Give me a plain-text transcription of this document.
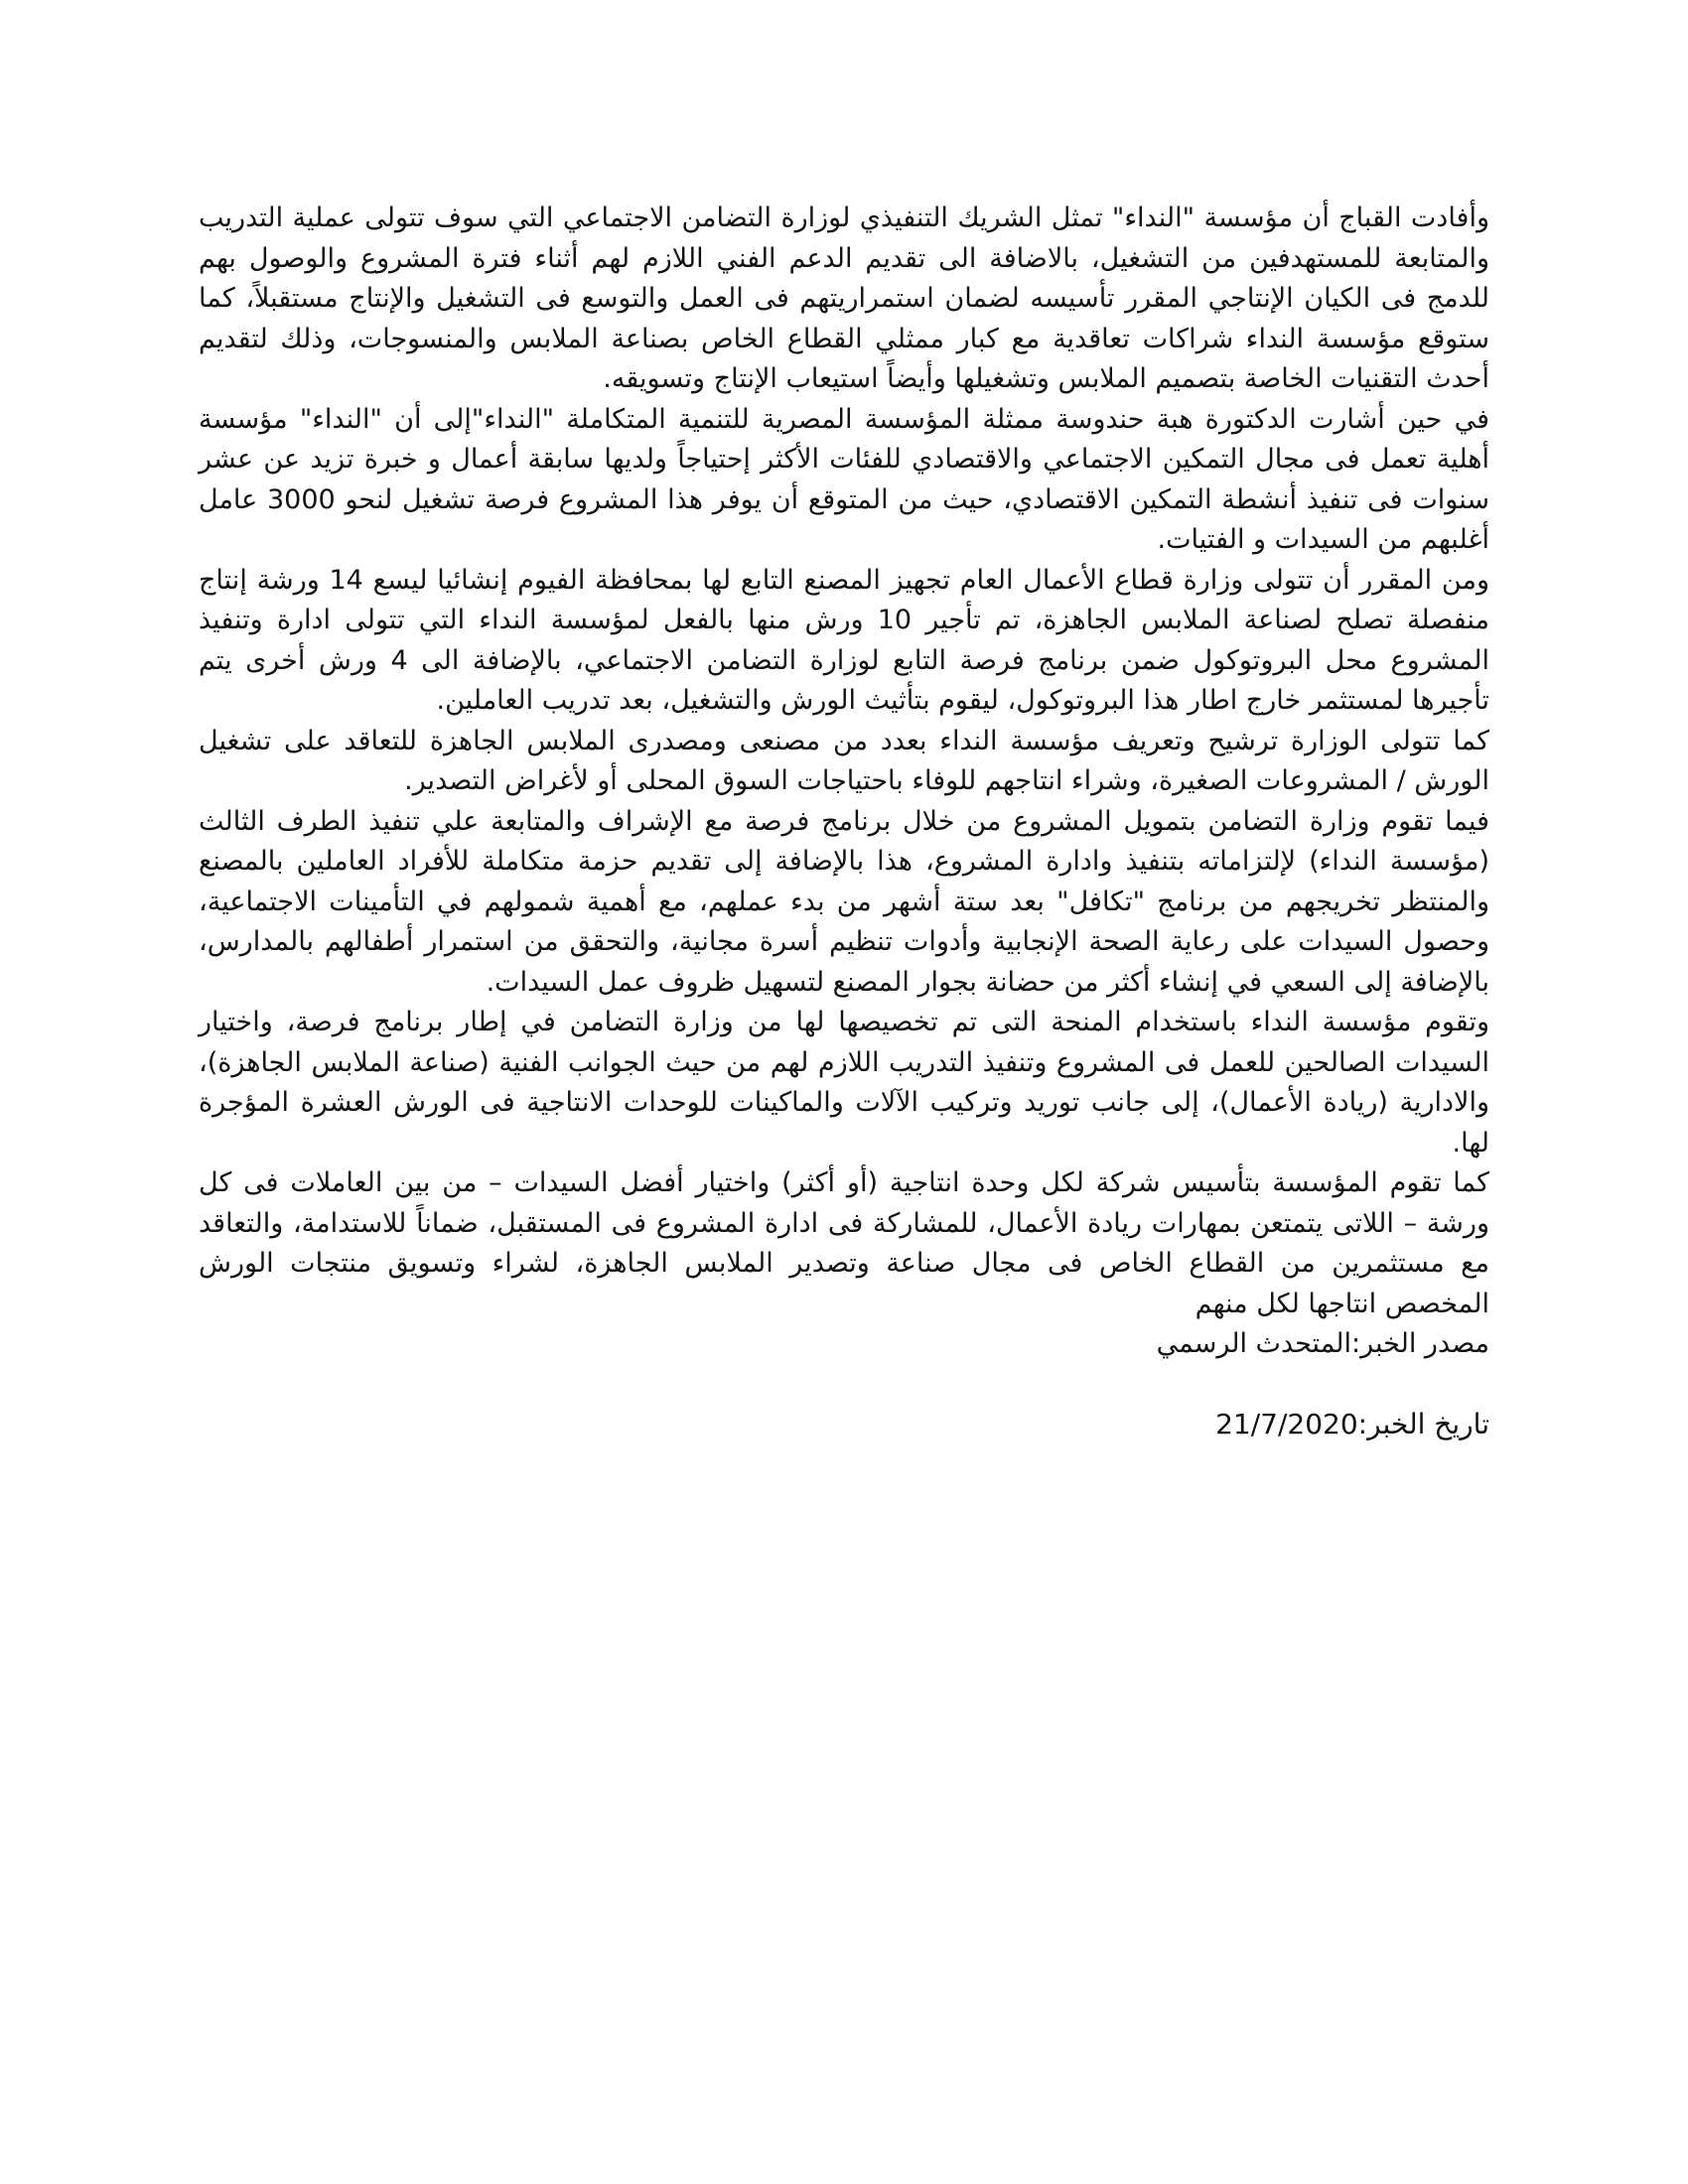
وأفادت القباج أن مؤسسة "النداء" تمثل الشريك التنفيذي لوزارة التضامن الاجتماعي التي سوف تتولى عملية التدريب والمتابعة للمستهدفين من التشغيل، بالاضافة الى تقديم الدعم الفني اللازم لهم أثناء فترة المشروع والوصول بهم للدمج فى الكيان الإنتاجي المقرر تأسيسه لضمان استمراريتهم فى العمل والتوسع فى التشغيل والإنتاج مستقبلاً، كما ستوقع مؤسسة النداء شراكات تعاقدية مع كبار ممثلي القطاع الخاص بصناعة الملابس والمنسوجات، وذلك لتقديم أحدث التقنيات الخاصة بتصميم الملابس وتشغيلها وأيضاً استيعاب الإنتاج وتسويقه.

في حين أشارت الدكتورة هبة حندوسة ممثلة المؤسسة المصرية للتنمية المتكاملة "النداء"إلى أن "النداء" مؤسسة أهلية تعمل فى مجال التمكين الاجتماعي والاقتصادي للفئات الأكثر إحتياجاً ولديها سابقة أعمال و خبرة تزيد عن عشر سنوات فى تنفيذ أنشطة التمكين الاقتصادي، حيث من المتوقع أن يوفر هذا المشروع فرصة تشغيل لنحو 3000 عامل أغلبهم من السيدات و الفتيات.

ومن المقرر أن تتولى وزارة قطاع الأعمال العام تجهيز المصنع التابع لها بمحافظة الفيوم إنشائيا ليسع 14 ورشة إنتاج منفصلة تصلح لصناعة الملابس الجاهزة، تم تأجير 10 ورش منها بالفعل لمؤسسة النداء التي تتولى ادارة وتنفيذ المشروع محل البروتوكول ضمن برنامج فرصة التابع لوزارة التضامن الاجتماعي، بالإضافة الى 4 ورش أخرى يتم تأجيرها لمستثمر خارج اطار هذا البروتوكول، ليقوم بتأثيث الورش والتشغيل، بعد تدريب العاملين.

كما تتولى الوزارة ترشيح وتعريف مؤسسة النداء بعدد من مصنعى ومصدرى الملابس الجاهزة للتعاقد على تشغيل الورش / المشروعات الصغيرة، وشراء انتاجهم للوفاء باحتياجات السوق المحلى أو لأغراض التصدير.

فيما تقوم وزارة التضامن بتمويل المشروع من خلال برنامج فرصة مع الإشراف والمتابعة علي تنفيذ الطرف الثالث (مؤسسة النداء) لإلتزاماته بتنفيذ وادارة المشروع، هذا بالإضافة إلى تقديم حزمة متكاملة للأفراد العاملين بالمصنع والمنتظر تخريجهم من برنامج "تكافل" بعد ستة أشهر من بدء عملهم، مع أهمية شمولهم في التأمينات الاجتماعية، وحصول السيدات على رعاية الصحة الإنجابية وأدوات تنظيم أسرة مجانية، والتحقق من استمرار أطفالهم بالمدارس، بالإضافة إلى السعي في إنشاء أكثر من حضانة بجوار المصنع لتسهيل ظروف عمل السيدات.

وتقوم مؤسسة النداء باستخدام المنحة التى تم تخصيصها لها من وزارة التضامن في إطار برنامج فرصة، واختيار السيدات الصالحين للعمل فى المشروع وتنفيذ التدريب اللازم لهم من حيث الجوانب الفنية (صناعة الملابس الجاهزة)، والادارية (ريادة الأعمال)، إلى جانب توريد وتركيب الآلات والماكينات للوحدات الانتاجية فى الورش العشرة المؤجرة لها.

كما تقوم المؤسسة بتأسيس شركة لكل وحدة انتاجية (أو أكثر) واختيار أفضل السيدات – من بين العاملات فى كل ورشة – اللاتى يتمتعن بمهارات ريادة الأعمال، للمشاركة فى ادارة المشروع فى المستقبل، ضماناً للاستدامة، والتعاقد مع مستثمرين من القطاع الخاص فى مجال صناعة وتصدير الملابس الجاهزة، لشراء وتسويق منتجات الورش المخصص انتاجها لكل منهم

مصدر الخبر:المتحدث الرسمي

تاريخ الخبر:21/7/2020
